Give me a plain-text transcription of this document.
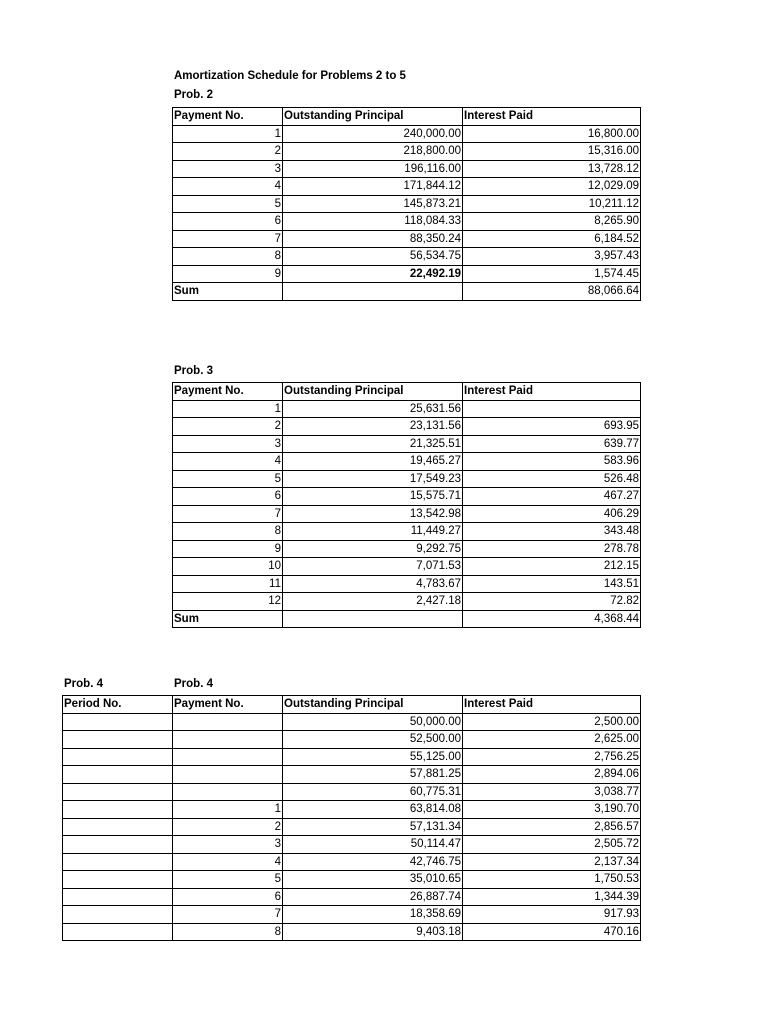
Amortization Schedule for Problems 2 to 5
Prob. 2
Payment No.	Outstanding Principal	Interest Paid
1	240,000.00	16,800.00
2	218,800.00	15,316.00
3	196,116.00	13,728.12
4	171,844.12	12,029.09
5	145,873.21	10,211.12
6	118,084.33	8,265.90
7	88,350.24	6,184.52
8	56,534.75	3,957.43
9	22,492.19	1,574.45
Sum		88,066.64
Prob. 3
Payment No.	Outstanding Principal	Interest Paid
1	25,631.56	
2	23,131.56	693.95
3	21,325.51	639.77
4	19,465.27	583.96
5	17,549.23	526.48
6	15,575.71	467.27
7	13,542.98	406.29
8	11,449.27	343.48
9	9,292.75	278.78
10	7,071.53	212.15
11	4,783.67	143.51
12	2,427.18	72.82
Sum		4,368.44
Prob. 4	Prob. 4
Period No.	Payment No.	Outstanding Principal	Interest Paid
		50,000.00	2,500.00
		52,500.00	2,625.00
		55,125.00	2,756.25
		57,881.25	2,894.06
		60,775.31	3,038.77
	1	63,814.08	3,190.70
	2	57,131.34	2,856.57
	3	50,114.47	2,505.72
	4	42,746.75	2,137.34
	5	35,010.65	1,750.53
	6	26,887.74	1,344.39
	7	18,358.69	917.93
	8	9,403.18	470.16
